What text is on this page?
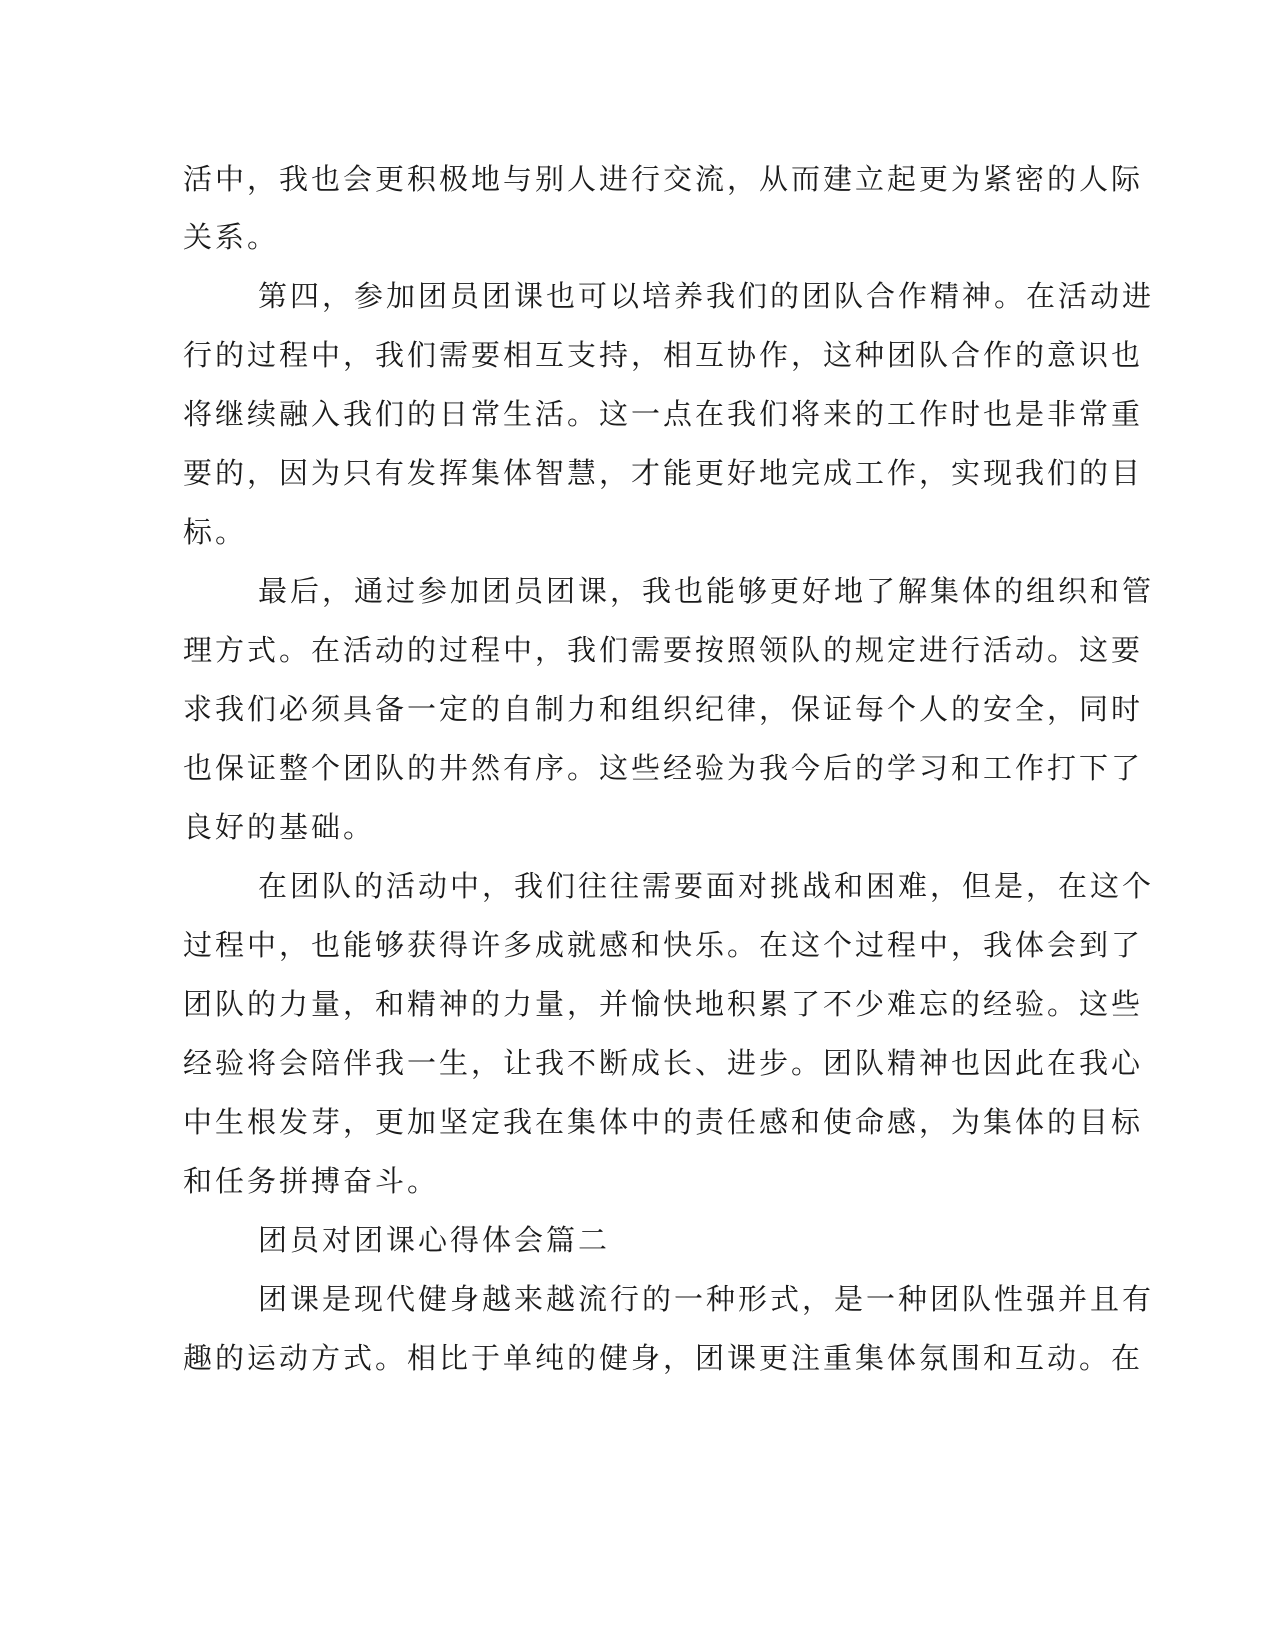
活中，我也会更积极地与别人进行交流，从而建立起更为紧密的人际
关系。
第四，参加团员团课也可以培养我们的团队合作精神。在活动进
行的过程中，我们需要相互支持，相互协作，这种团队合作的意识也
将继续融入我们的日常生活。这一点在我们将来的工作时也是非常重
要的，因为只有发挥集体智慧，才能更好地完成工作，实现我们的目
标。
最后，通过参加团员团课，我也能够更好地了解集体的组织和管
理方式。在活动的过程中，我们需要按照领队的规定进行活动。这要
求我们必须具备一定的自制力和组织纪律，保证每个人的安全，同时
也保证整个团队的井然有序。这些经验为我今后的学习和工作打下了
良好的基础。
在团队的活动中，我们往往需要面对挑战和困难，但是，在这个
过程中，也能够获得许多成就感和快乐。在这个过程中，我体会到了
团队的力量，和精神的力量，并愉快地积累了不少难忘的经验。这些
经验将会陪伴我一生，让我不断成长、进步。团队精神也因此在我心
中生根发芽，更加坚定我在集体中的责任感和使命感，为集体的目标
和任务拼搏奋斗。
团员对团课心得体会篇二
团课是现代健身越来越流行的一种形式，是一种团队性强并且有
趣的运动方式。相比于单纯的健身，团课更注重集体氛围和互动。在
